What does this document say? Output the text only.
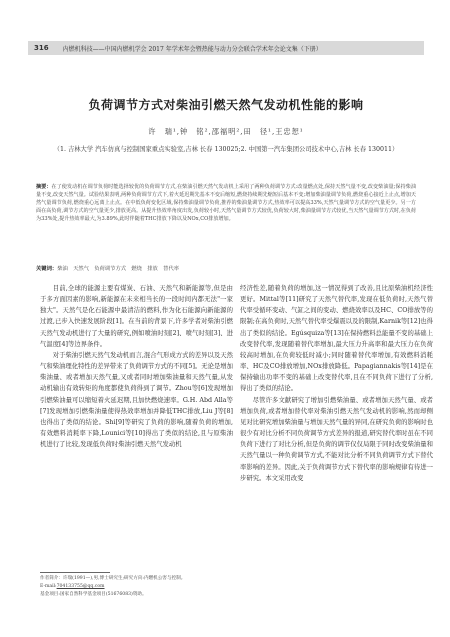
316 内燃机科技——中国内燃机学会 2017 年学术年会暨热能与动力分会联合学术年会论文集（下册）
负荷调节方式对柴油引燃天然气发动机性能的影响
许　瑞¹,钟　铭²,邵福明²,田　径¹,王忠恕¹
（1. 吉林大学 汽车仿真与控制国家重点实验室,吉林 长春 130025;2. 中国第一汽车集团公司技术中心,吉林 长春 130011）
摘要：在了使发动机在调节负荷时能选择较优的负荷调节方式,在柴油引燃天然气发动机上采用了两种负荷调节方式:改量燃点处,保持天然气量不变,改变柴油量;保持柴油量不变,改变天然气量。试验结果表明,两种负荷调节方式下,着火延迟期先基本不变后缩短,燃烧持续期先缩短后基本不变;增加柴油量调节负荷,燃烧重心接近上止点,增加天然气量调节负荷,燃烧重心远离上止点。在中低负荷变化区域,保持柴油量调节负荷,推荐的柴油量调节方式,热效率可以提高33%,天然气量调节方式的空气量更少。另一方面在高负荷,调节方式的空气量更少,排放更高。从提升热效率角度出发,负荷较小时,天然气量调节方式较优,负荷较大时,柴油量调节方式较优,当天然气量调节方式时,在负荷为33%处,提升热效率最大,为3.89%,此时伴随着THC排放下降以及NOx,CO排放增加。
关键词：柴油　天然气　负荷调节方式　燃烧　排放　替代率

目前,全球的能源主要有煤炭、石油、天然气和新能源等,但是由于多方面因素的影响,新能源在未来相当长的一段时间内都无法"一家独大"。天然气是化石能源中最清洁的燃料,作为化石能源向新能源的过渡,已步入快速发展阶段[1]。在当前的背景下,许多学者对柴油引燃天然气发动机进行了大量的研究,例如喷油时刻[2]、喷气时刻[3]、进气温度[4]等边界条件。

对于柴油引燃天然气发动机而言,混合气形成方式的差异以及天然气和柴油理化特性的差异带来了负荷调节方式的不同[5]。无论是增加柴油量、或者增加天然气量,又或者同时增加柴油量和天然气量,从发动机输出有效转矩的角度都使负荷得到了调节。Zhou等[6]发现增加引燃柴油量可以缩短着火延迟期,且加快燃烧速率。G.H. Abd Alla等[7]发现增加引燃柴油量使得热效率增加并降低THC排放,Liu J等[8]也得出了类似的结论。Shi[9]等研究了负荷的影响,随着负荷的增加,有效燃料消耗率下降,Lounici等[10]得出了类似的结论,且与原柴油机进行了比较,发现低负荷时柴油引燃天然气发动机

经济性差,随着负荷的增加,这一情况得到了改善,且比原柴油机经济性更好。Mittal等[11]研究了天然气替代率,发现在低负荷时,天然气替代率受循环变动、气缸之间的变动、燃烧效率以及HC、CO排放等的限制;在高负荷时,天然气替代率受爆震以及的限制,Karnik等[12]也得出了类似的结论。Egúsquiza等[13]在保持燃料总能量不变的基础上改变替代率,发现随着替代率增加,最大压力升高率和最大压力在负荷较高时增加,在负荷较低时减小;同时随着替代率增加,有效燃料消耗率、HC及CO排放增加,NOx排放降低。Papagiannakis等[14]是在保持输出功率不变的基础上改变替代率,且在不同负荷下进行了分析,得出了类似的结论。

尽管许多文献研究了增加引燃柴油量、或者增加天然气量、或者增加负荷,或者增加替代率对柴油引燃天然气发动机的影响,然而却侧见对比研究增加柴油量与增加天然气量的异同,在研究负荷的影响时也很少有对比分析不同负荷调节方式差异的报道,研究替代率时虽在不同负荷下进行了对比分析,但是负荷的调节仅仅局限于同时改变柴油量和天然气量以一种负荷调节方式,不能对比分析不同负荷调节方式下替代率影响的差异。因此,关于负荷调节方式下替代率的影响规律有待进一步研究。本文采用改变

作者简介：许瑞(1991—),男,博士研究生;研究方向:内燃机公害与控制。
E-mail:704133755@qq.com
基金项目:国家自然科学基金项目(51676083)资助。
